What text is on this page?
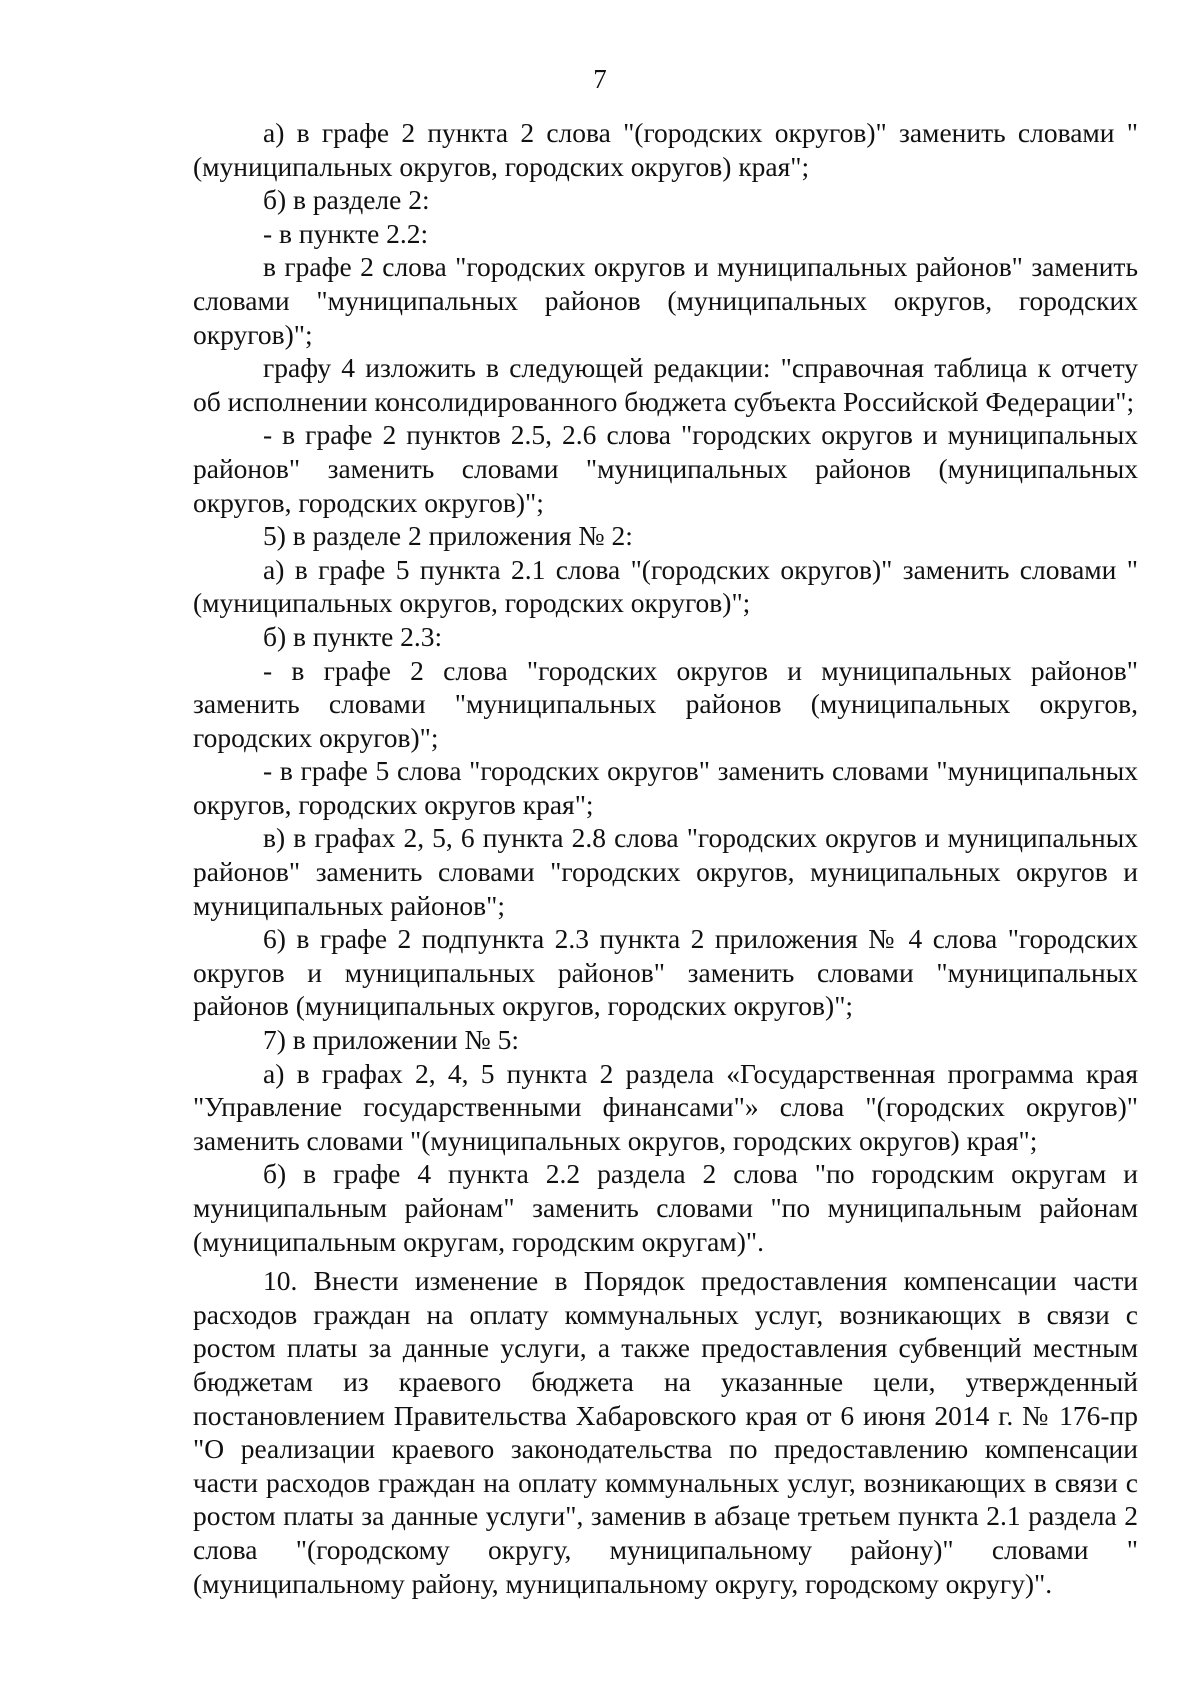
7

а) в графе 2 пункта 2 слова "(городских округов)" заменить словами "(муниципальных округов, городских округов) края";

б) в разделе 2:

- в пункте 2.2:

в графе 2 слова "городских округов и муниципальных районов" заменить словами "муниципальных районов (муниципальных округов, городских округов)";

графу 4 изложить в следующей редакции: "справочная таблица к отчету об исполнении консолидированного бюджета субъекта Российской Федерации";

- в графе 2 пунктов 2.5, 2.6 слова "городских округов и муниципальных районов" заменить словами "муниципальных районов (муниципальных округов, городских округов)";

5) в разделе 2 приложения № 2:

а) в графе 5 пункта 2.1 слова "(городских округов)" заменить словами "(муниципальных округов, городских округов)";

б) в пункте 2.3:

- в графе 2 слова "городских округов и муниципальных районов" заменить словами "муниципальных районов (муниципальных округов, городских округов)";

- в графе 5 слова "городских округов" заменить словами "муниципальных округов, городских округов края";

в) в графах 2, 5, 6 пункта 2.8 слова "городских округов и муниципальных районов" заменить словами "городских округов, муниципальных округов и муниципальных районов";

6) в графе 2 подпункта 2.3 пункта 2 приложения № 4 слова "городских округов и муниципальных районов" заменить словами "муниципальных районов (муниципальных округов, городских округов)";

7) в приложении № 5:

а) в графах 2, 4, 5 пункта 2 раздела «Государственная программа края "Управление государственными финансами"» слова "(городских округов)" заменить словами "(муниципальных округов, городских округов) края";

б) в графе 4 пункта 2.2 раздела 2 слова "по городским округам и муниципальным районам" заменить словами "по муниципальным районам (муниципальным округам, городским округам)".

10. Внести изменение в Порядок предоставления компенсации части расходов граждан на оплату коммунальных услуг, возникающих в связи с ростом платы за данные услуги, а также предоставления субвенций местным бюджетам из краевого бюджета на указанные цели, утвержденный постановлением Правительства Хабаровского края от 6 июня 2014 г. № 176-пр "О реализации краевого законодательства по предоставлению компенсации части расходов граждан на оплату коммунальных услуг, возникающих в связи с ростом платы за данные услуги", заменив в абзаце третьем пункта 2.1 раздела 2 слова "(городскому округу, муниципальному району)" словами "(муниципальному району, муниципальному округу, городскому округу)".
